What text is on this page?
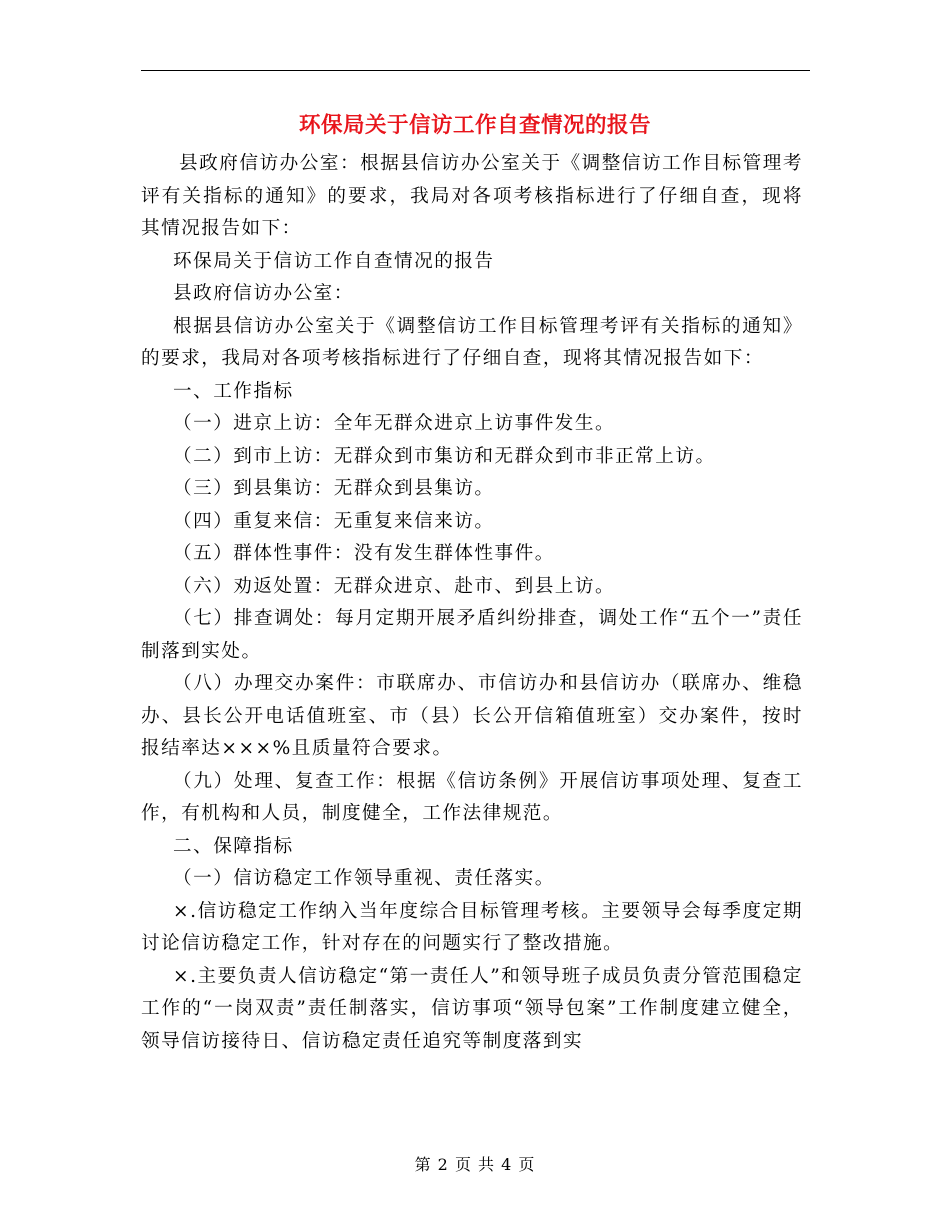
环保局关于信访工作自查情况的报告

县政府信访办公室：根据县信访办公室关于《调整信访工作目标管理考评有关指标的通知》的要求，我局对各项考核指标进行了仔细自查，现将其情况报告如下：

环保局关于信访工作自查情况的报告

县政府信访办公室：

根据县信访办公室关于《调整信访工作目标管理考评有关指标的通知》的要求，我局对各项考核指标进行了仔细自查，现将其情况报告如下：

一、工作指标

（一）进京上访：全年无群众进京上访事件发生。

（二）到市上访：无群众到市集访和无群众到市非正常上访。

（三）到县集访：无群众到县集访。

（四）重复来信：无重复来信来访。

（五）群体性事件：没有发生群体性事件。

（六）劝返处置：无群众进京、赴市、到县上访。

（七）排查调处：每月定期开展矛盾纠纷排查，调处工作“五个一”责任制落到实处。

（八）办理交办案件：市联席办、市信访办和县信访办（联席办、维稳办、县长公开电话值班室、市（县）长公开信箱值班室）交办案件，按时报结率达×××%且质量符合要求。

（九）处理、复查工作：根据《信访条例》开展信访事项处理、复查工作，有机构和人员，制度健全，工作法律规范。

二、保障指标

（一）信访稳定工作领导重视、责任落实。

×.信访稳定工作纳入当年度综合目标管理考核。主要领导会每季度定期讨论信访稳定工作，针对存在的问题实行了整改措施。

×.主要负责人信访稳定“第一责任人”和领导班子成员负责分管范围稳定工作的“一岗双责”责任制落实，信访事项“领导包案”工作制度建立健全，领导信访接待日、信访稳定责任追究等制度落到实

第 2 页 共 4 页
